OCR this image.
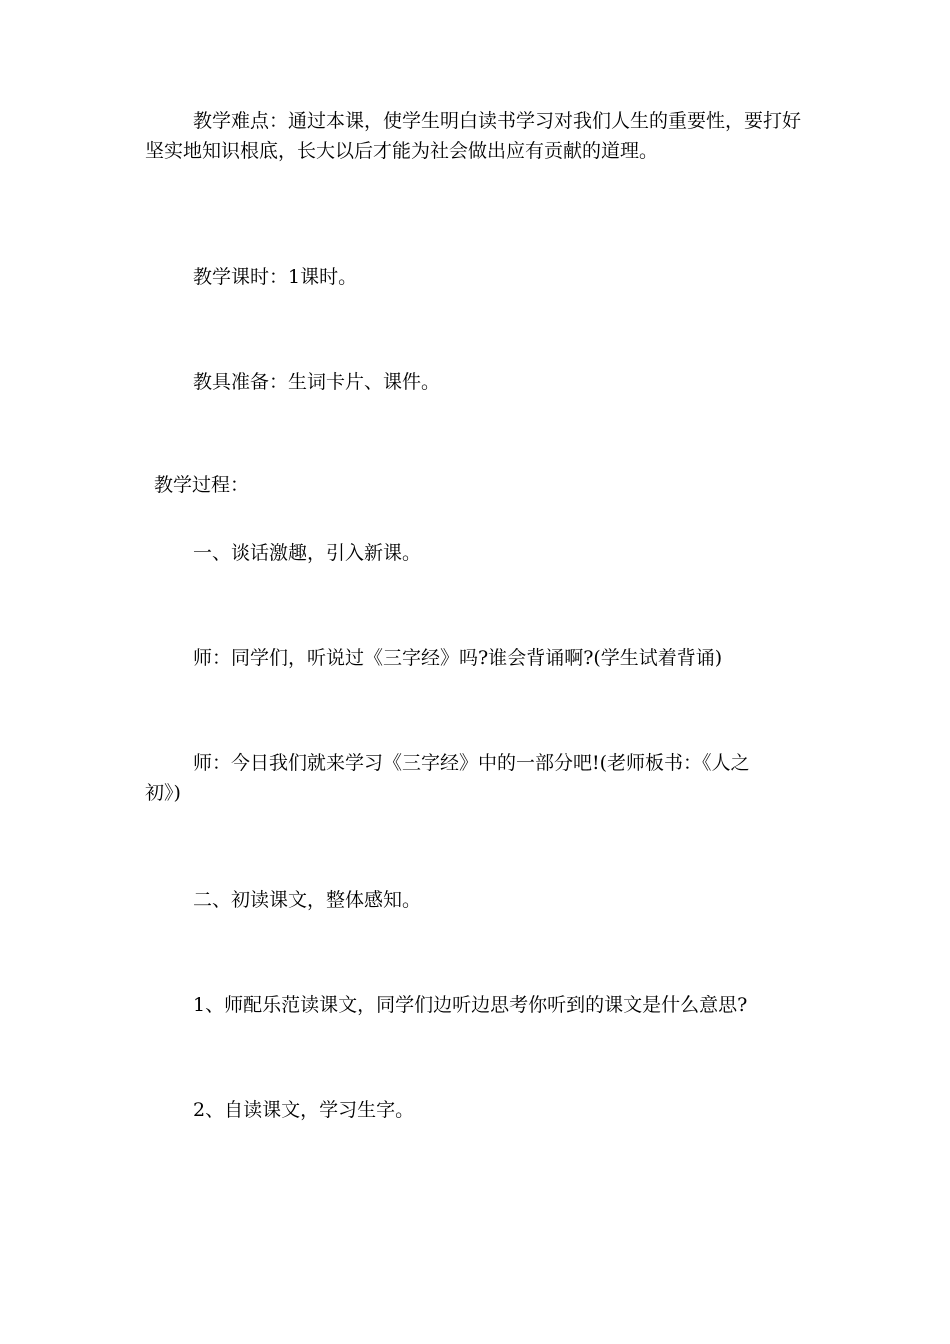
教学难点：通过本课，使学生明白读书学习对我们人生的重要性，要打好坚实地知识根底，长大以后才能为社会做出应有贡献的道理。

教学课时：1课时。

教具准备：生词卡片、课件。

教学过程：

一、谈话激趣，引入新课。

师：同学们，听说过《三字经》吗?谁会背诵啊?(学生试着背诵)

师：今日我们就来学习《三字经》中的一部分吧!(老师板书：《人之初》)

二、初读课文，整体感知。

1、师配乐范读课文，同学们边听边思考你听到的课文是什么意思?

2、自读课文，学习生字。
